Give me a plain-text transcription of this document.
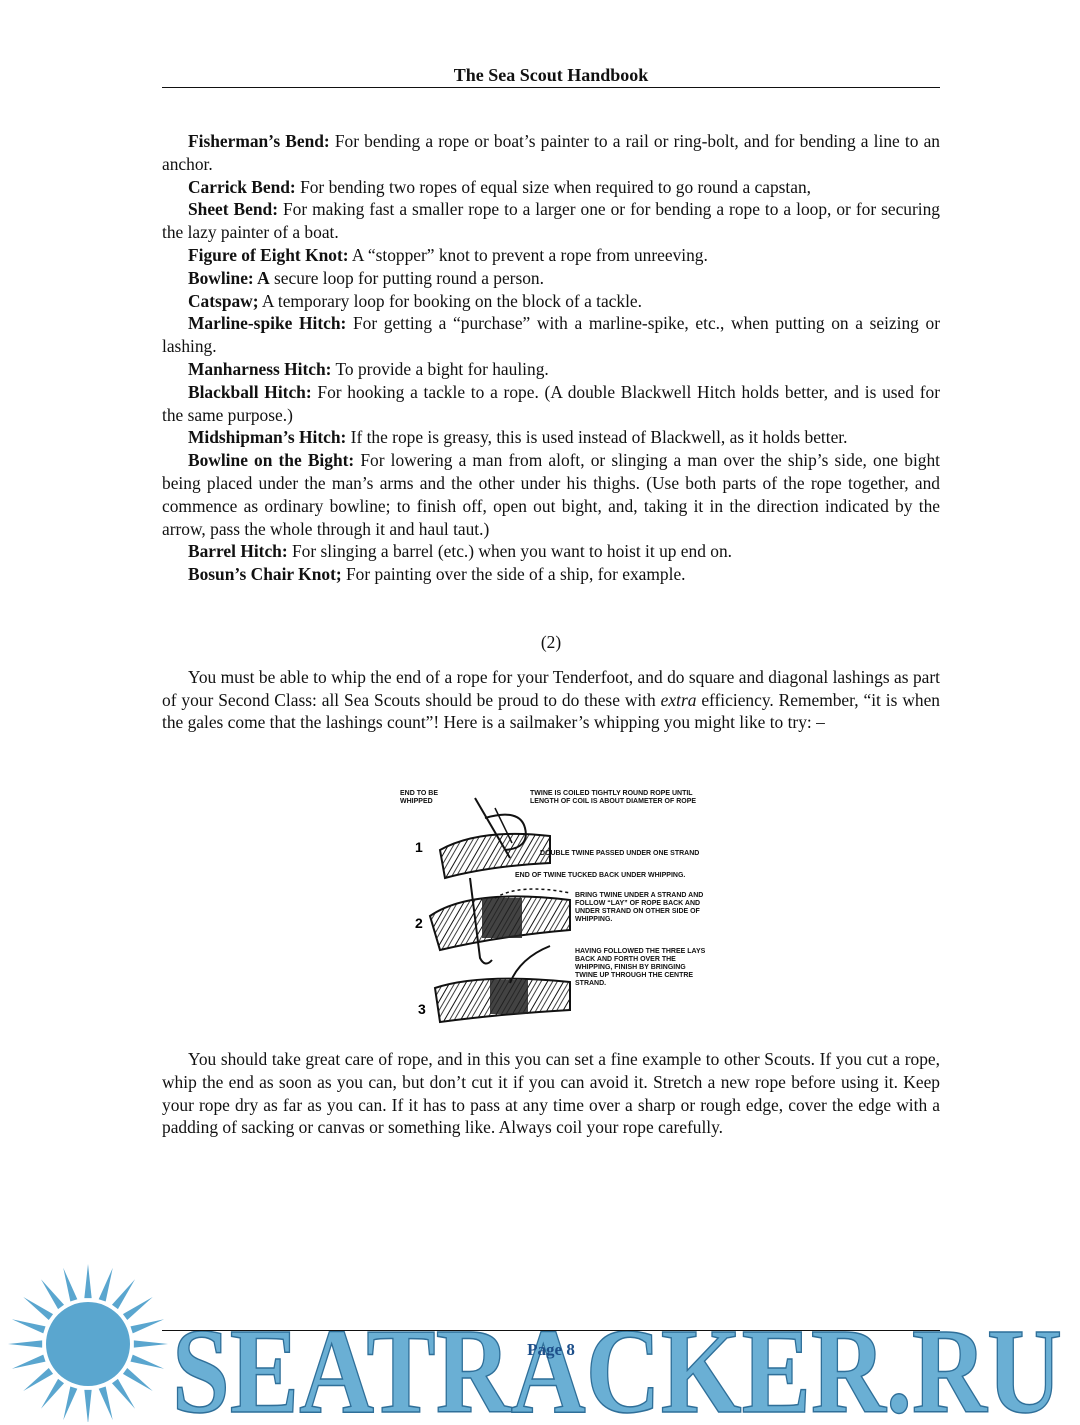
The Sea Scout Handbook

Fisherman’s Bend: For bending a rope or boat’s painter to a rail or ring-bolt, and for bending a line to an anchor.

Carrick Bend: For bending two ropes of equal size when required to go round a capstan,

Sheet Bend: For making fast a smaller rope to a larger one or for bending a rope to a loop, or for securing the lazy painter of a boat.

Figure of Eight Knot: A “stopper” knot to prevent a rope from unreeving.

Bowline: A secure loop for putting round a person.

Catspaw; A temporary loop for booking on the block of a tackle.

Marline-spike Hitch: For getting a “purchase” with a marline-spike, etc., when putting on a seizing or lashing.

Manharness Hitch: To provide a bight for hauling.

Blackball Hitch: For hooking a tackle to a rope. (A double Blackwell Hitch holds better, and is used for the same purpose.)

Midshipman’s Hitch: If the rope is greasy, this is used instead of Blackwell, as it holds better.

Bowline on the Bight: For lowering a man from aloft, or slinging a man over the ship’s side, one bight being placed under the man’s arms and the other under his thighs. (Use both parts of the rope together, and commence as ordinary bowline; to finish off, open out bight, and, taking it in the direction indicated by the arrow, pass the whole through it and haul taut.)

Barrel Hitch: For slinging a barrel (etc.) when you want to hoist it up end on.

Bosun’s Chair Knot; For painting over the side of a ship, for example.

(2)

You must be able to whip the end of a rope for your Tenderfoot, and do square and diagonal lashings as part of your Second Class: all Sea Scouts should be proud to do these with extra efficiency. Remember, “it is when the gales come that the lashings count”! Here is a sailmaker’s whipping you might like to try: –

1
2
3
END TO BE WHIPPED
TWINE IS COILED TIGHTLY ROUND ROPE UNTIL LENGTH OF COIL IS ABOUT DIAMETER OF ROPE
DOUBLE TWINE PASSED UNDER ONE STRAND
END OF TWINE TUCKED BACK UNDER WHIPPING.
BRING TWINE UNDER A STRAND AND FOLLOW “LAY” OF ROPE BACK AND UNDER STRAND ON OTHER SIDE OF WHIPPING.
HAVING FOLLOWED THE THREE LAYS BACK AND FORTH OVER THE WHIPPING, FINISH BY BRINGING TWINE UP THROUGH THE CENTRE STRAND.

You should take great care of rope, and in this you can set a fine example to other Scouts. If you cut a rope, whip the end as soon as you can, but don’t cut it if you can avoid it. Stretch a new rope before using it. Keep your rope dry as far as you can. If it has to pass at any time over a sharp or rough edge, cover the edge with a padding of sacking or canvas or something like. Always coil your rope carefully.

SEATRACKER.RU
Page 8
